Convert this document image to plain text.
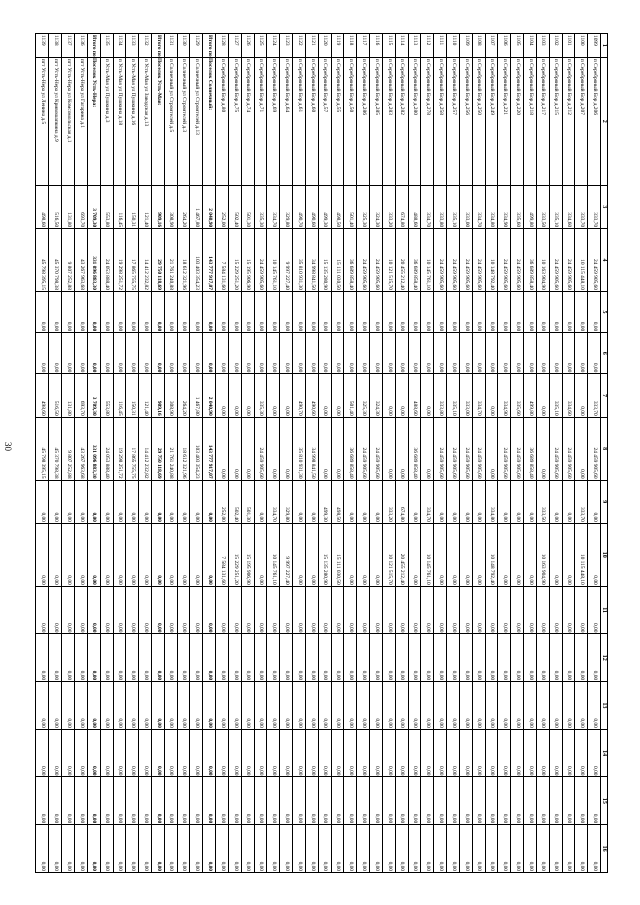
30
1	2	3	4	5	6	7	8	9	10	11	12	13	14	15	16
1099	п Серебряный Бор д.206	333,70	24 459 905,60	0,00	0,00	333,70	24 459 905,60	0,00	0,00	0,00	0,00	0,00	0,00	0,00	0,00
1100	п Серебряный Бор д.207	333,70	10 115 448,10	0,00	0,00	0,00	0,00	333,70	10 115 448,10	0,00	0,00	0,00	0,00	0,00	0,00
1101	п Серебряный Бор д.212	334,60	24 459 905,60	0,00	0,00	334,60	24 459 905,60	0,00	0,00	0,00	0,00	0,00	0,00	0,00	0,00
1102	п Серебряный Бор д.215	335,10	24 459 905,60	0,00	0,00	335,10	24 459 905,60	0,00	0,00	0,00	0,00	0,00	0,00	0,00	0,00
1103	п Серебряный Бор д.217	333,50	10 163 904,90	0,00	0,00	0,00	0,00	333,50	10 163 904,90	0,00	0,00	0,00	0,00	0,00	0,00
1104	п Серебряный Бор д.218	499,80	36 689 858,40	0,00	0,00	499,80	36 689 858,40	0,00	0,00	0,00	0,00	0,00	0,00	0,00	0,00
1105	п Серебряный Бор д.220	335,60	24 459 905,60	0,00	0,00	335,60	24 459 905,60	0,00	0,00	0,00	0,00	0,00	0,00	0,00	0,00
1106	п Серебряный Бор д.221	334,90	24 459 905,60	0,00	0,00	334,90	24 459 905,60	0,00	0,00	0,00	0,00	0,00	0,00	0,00	0,00
1107	п Серебряный Бор д.249	334,80	10 148 792,40	0,00	0,00	0,00	0,00	334,80	10 148 792,40	0,00	0,00	0,00	0,00	0,00	0,00
1108	п Серебряный Бор д.250	334,70	24 459 905,60	0,00	0,00	334,70	24 459 905,60	0,00	0,00	0,00	0,00	0,00	0,00	0,00	0,00
1109	п Серебряный Бор д.256	333,00	24 459 905,60	0,00	0,00	333,00	24 459 905,60	0,00	0,00	0,00	0,00	0,00	0,00	0,00	0,00
1110	п Серебряный Бор д.257	335,10	24 459 905,60	0,00	0,00	335,10	24 459 905,60	0,00	0,00	0,00	0,00	0,00	0,00	0,00	0,00
1111	п Серебряный Бор д.258	333,80	24 459 905,60	0,00	0,00	333,80	24 459 905,60	0,00	0,00	0,00	0,00	0,00	0,00	0,00	0,00
1112	п Серебряный Бор д.278	334,70	10 145 761,10	0,00	0,00	0,00	0,00	334,70	10 145 761,10	0,00	0,00	0,00	0,00	0,00	0,00
1113	п Серебряный Бор д.280	488,60	36 689 858,40	0,00	0,00	488,60	36 689 858,40	0,00	0,00	0,00	0,00	0,00	0,00	0,00	0,00
1114	п Серебряный Бор д.282	674,80	20 455 212,40	0,00	0,00	0,00	0,00	674,80	20 455 212,40	0,00	0,00	0,00	0,00	0,00	0,00
1115	п Серебряный Бор д.283	333,20	10 121 515,70	0,00	0,00	0,00	0,00	333,20	10 121 515,70	0,00	0,00	0,00	0,00	0,00	0,00
1116	п Серебряный Бор д.285	324,30	24 459 905,60	0,00	0,00	324,30	24 459 905,60	0,00	0,00	0,00	0,00	0,00	0,00	0,00	0,00
1117	п Серебряный Бор д.286	325,30	24 459 905,60	0,00	0,00	325,30	24 459 905,60	0,00	0,00	0,00	0,00	0,00	0,00	0,00	0,00
1118	п Серебряный Бор д.50	501,40	36 689 858,40	0,00	0,00	501,40	36 689 858,40	0,00	0,00	0,00	0,00	0,00	0,00	0,00	0,00
1119	п Серебряный Бор д.55	498,50	15 111 030,50	0,00	0,00	0,00	0,00	498,50	15 111 030,50	0,00	0,00	0,00	0,00	0,00	0,00
1120	п Серебряный Бор д.57	499,30	15 135 280,90	0,00	0,00	0,00	0,00	499,30	15 135 280,90	0,00	0,00	0,00	0,00	0,00	0,00
1121	п Серебряный Бор д.60	490,60	34 998 841,50	0,00	0,00	490,60	34 998 841,50	0,00	0,00	0,00	0,00	0,00	0,00	0,00	0,00
1122	п Серебряный Бор д.61	490,70	35 810 931,30	0,00	0,00	490,70	35 810 931,30	0,00	0,00	0,00	0,00	0,00	0,00	0,00	0,00
1123	п Серебряный Бор д.64	329,80	9 997 227,40	0,00	0,00	0,00	0,00	329,80	9 997 227,40	0,00	0,00	0,00	0,00	0,00	0,00
1124	п Серебряный Бор д.69	334,70	10 145 761,10	0,00	0,00	0,00	0,00	334,70	10 145 761,10	0,00	0,00	0,00	0,00	0,00	0,00
1125	п Серебряный Бор д.71	335,30	24 459 905,60	0,00	0,00	335,30	24 459 905,60	0,00	0,00	0,00	0,00	0,00	0,00	0,00	0,00
1126	п Серебряный Бор д.74	501,30	15 195 906,90	0,00	0,00	0,00	0,00	501,30	15 195 906,90	0,00	0,00	0,00	0,00	0,00	0,00
1127	п Серебряный Бор д.75	502,40	15 229 251,20	0,00	0,00	0,00	0,00	502,40	15 229 251,20	0,00	0,00	0,00	0,00	0,00	0,00
1128	п Серебряный Бор д.80	252,00	7 584 131,60	0,00	0,00	0,00	0,00	252,00	7 584 131,60	0,00	0,00	0,00	0,00	0,00	0,00
Итого по Поселок Солнечный:		2 040,90	143 777 917,07	0,00	0,00	2 040,90	143 777 917,07	0,00	0,00	0,00	0,00	0,00	0,00	0,00	0,00
1129	п Солнечный ул Строителей д.13	1 467,80	103 403 354,23	0,00	0,00	1 467,80	103 403 354,23	0,00	0,00	0,00	0,00	0,00	0,00	0,00	0,00
1130	п Солнечный ул Строителей д.3	264,20	18 612 321,96	0,00	0,00	264,20	18 612 321,96	0,00	0,00	0,00	0,00	0,00	0,00	0,00	0,00
1131	п Солнечный ул Строителей д.5	308,90	21 761 240,88	0,00	0,00	308,90	21 761 240,88	0,00	0,00	0,00	0,00	0,00	0,00	0,00	0,00
Итого по Поселок Усть-Мая:		909,16	29 750 118,69	0,00	0,00	909,16	29 750 118,69	0,00	0,00	0,00	0,00	0,00	0,00	0,00	0,00
1132	п Усть-Мая ул Заводская д.13	121,40	14 412 232,82	0,00	0,00	121,40	14 412 232,82	0,00	0,00	0,00	0,00	0,00	0,00	0,00	0,00
1133	п Усть-Мая ул Пушкина д.16	150,31	17 865 755,75	0,00	0,00	150,31	17 865 755,75	0,00	0,00	0,00	0,00	0,00	0,00	0,00	0,00
1134	п Усть-Мая ул Пушкина д.18	116,45	19 298 251,72	0,00	0,00	116,45	19 298 251,72	0,00	0,00	0,00	0,00	0,00	0,00	0,00	0,00
1135	п Усть-Мая ул Пушкина д.3	553,80	24 053 888,40	0,00	0,00	553,80	24 053 888,40	0,00	0,00	0,00	0,00	0,00	0,00	0,00	0,00
Итого по Поселок Усть-Нера:		3 709,30	331 096 883,30	0,00	0,00	3 709,30	331 096 883,30	0,00	0,00	0,00	0,00	0,00	0,00	0,00	0,00
1136	пгт Усть-Нера ул Гагарина д.1	693,70	43 267 963,68	0,00	0,00	693,70	43 267 963,68	0,00	0,00	0,00	0,00	0,00	0,00	0,00	0,00
1137	пгт Усть-Нера ул Комсомольская д.1	131,80	9 807 252,88	0,00	0,00	131,80	9 807 252,88	0,00	0,00	0,00	0,00	0,00	0,00	0,00	0,00
1138	пгт Усть-Нера ул Кривошапкина д.9	516,50	45 370 798,38	0,00	0,00	516,50	45 370 798,38	0,00	0,00	0,00	0,00	0,00	0,00	0,00	0,00
1139	пгт Усть-Нера ул Ленина д.5	498,60	45 798 395,15	0,00	0,00	498,60	45 798 395,15	0,00	0,00	0,00	0,00	0,00	0,00	0,00	0,00
